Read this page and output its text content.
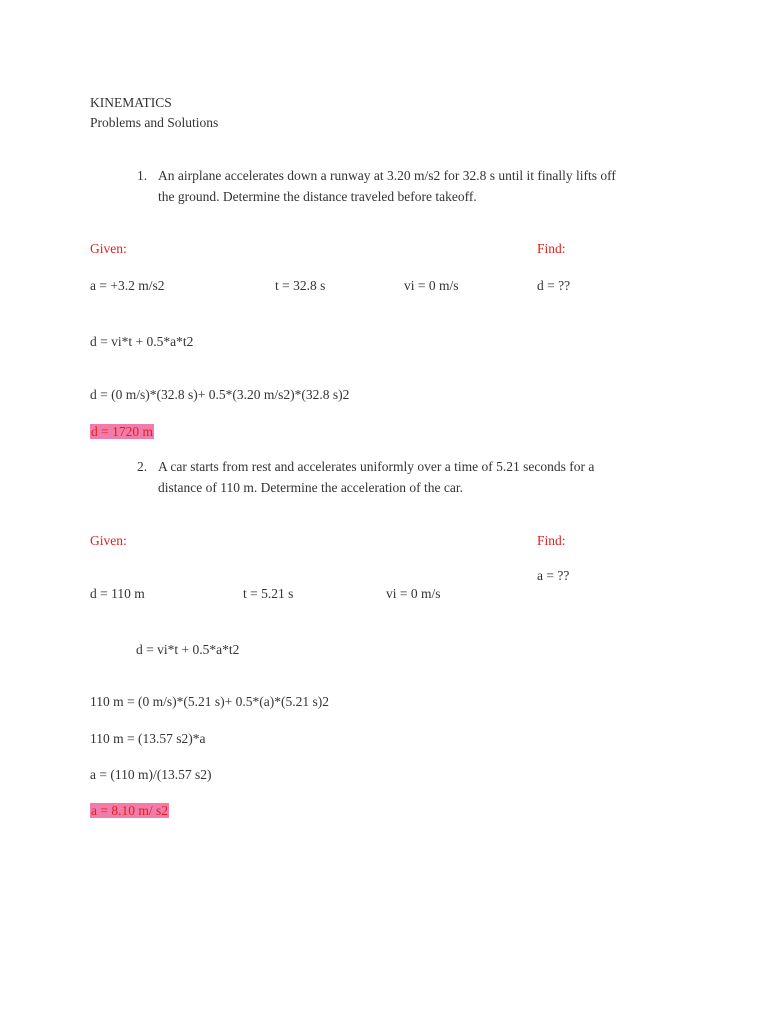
KINEMATICS
Problems and Solutions
1. An airplane accelerates down a runway at 3.20 m/s2 for 32.8 s until it finally lifts off
the ground. Determine the distance traveled before takeoff.
Given:	Find:
a = +3.2 m/s2	t = 32.8 s	vi = 0 m/s	d = ??
d = vi*t + 0.5*a*t2
d = (0 m/s)*(32.8 s)+ 0.5*(3.20 m/s2)*(32.8 s)2
d = 1720 m
2. A car starts from rest and accelerates uniformly over a time of 5.21 seconds for a
distance of 110 m. Determine the acceleration of the car.
Given:	Find:
a = ??
d = 110 m	t = 5.21 s	vi = 0 m/s
d = vi*t + 0.5*a*t2
110 m = (0 m/s)*(5.21 s)+ 0.5*(a)*(5.21 s)2
110 m = (13.57 s2)*a
a = (110 m)/(13.57 s2)
a = 8.10 m/ s2
